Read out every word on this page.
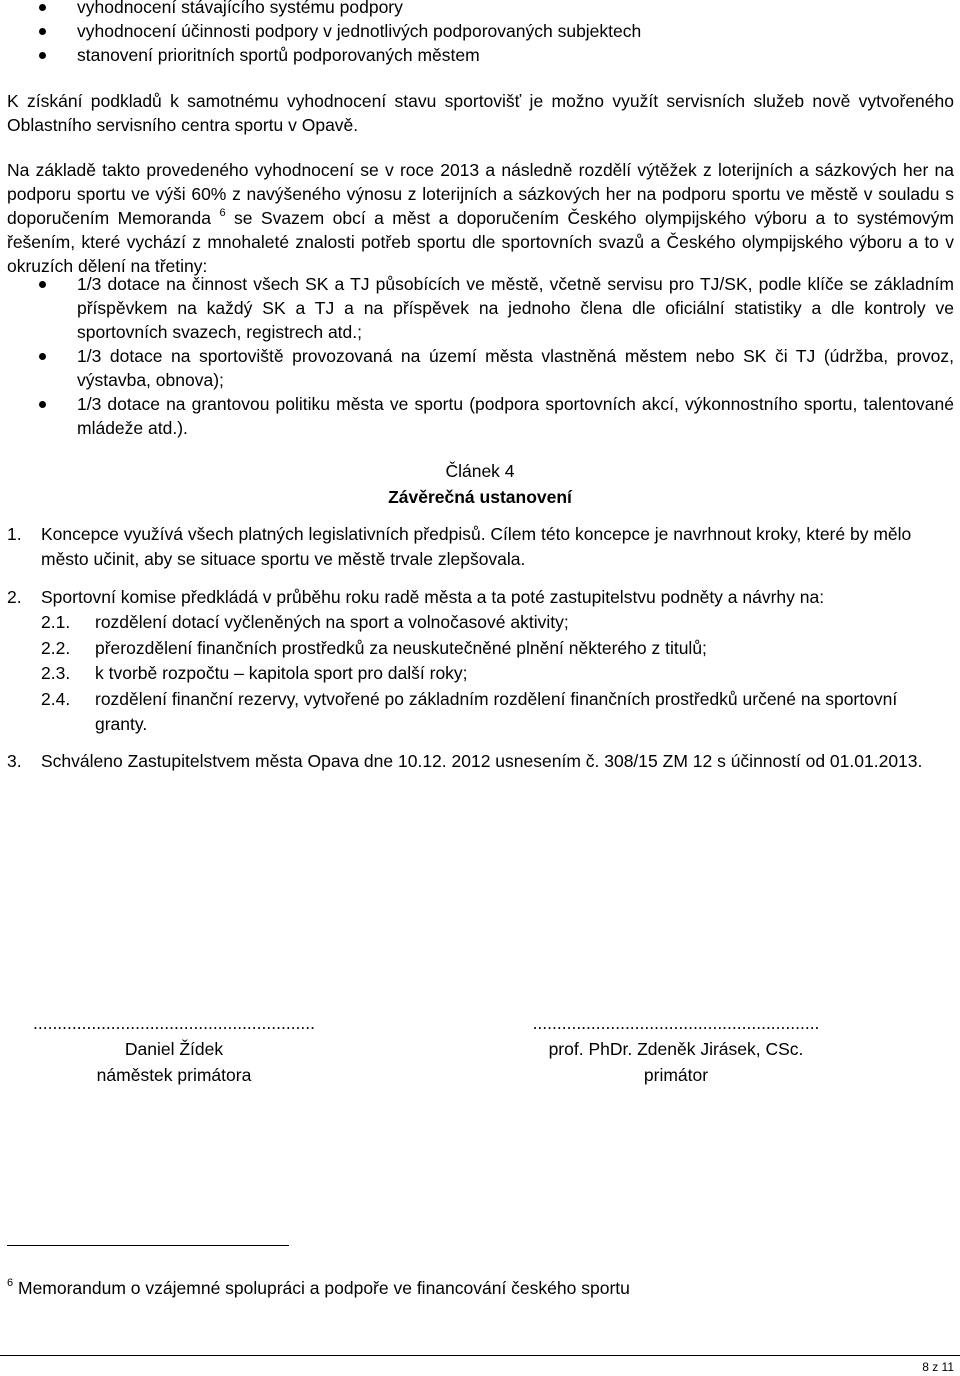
vyhodnocení stávajícího systému podpory
vyhodnocení účinnosti podpory v jednotlivých podporovaných subjektech
stanovení prioritních sportů podporovaných městem

K získání podkladů k samotnému vyhodnocení stavu sportovišť je možno využít servisních služeb nově vytvořeného Oblastního servisního centra sportu v Opavě.

Na základě takto provedeného vyhodnocení se v roce 2013 a následně rozdělí výtěžek z loterijních a sázkových her na podporu sportu ve výši 60% z navýšeného výnosu z loterijních a sázkových her na podporu sportu ve městě v souladu s doporučením Memoranda $^6$ se Svazem obcí a měst a doporučením Českého olympijského výboru a to systémovým řešením, které vychází z mnohaleté znalosti potřeb sportu dle sportovních svazů a Českého olympijského výboru a to v okruzích dělení na třetiny:

1/3 dotace na činnost všech SK a TJ působících ve městě, včetně servisu pro TJ/SK, podle klíče se základním příspěvkem na každý SK a TJ a na příspěvek na jednoho člena dle oficiální statistiky a dle kontroly ve sportovních svazech, registrech atd.;
1/3 dotace na sportoviště provozovaná na území města vlastněná městem nebo SK či TJ (údržba, provoz, výstavba, obnova);
1/3 dotace na grantovou politiku města ve sportu (podpora sportovních akcí, výkonnostního sportu, talentované mládeže atd.).
Článek 4
Závěrečná ustanovení
1. Koncepce využívá všech platných legislativních předpisů. Cílem této koncepce je navrhnout kroky, které by mělo město učinit, aby se situace sportu ve městě trvale zlepšovala.
2. Sportovní komise předkládá v průběhu roku radě města a ta poté zastupitelstvu podněty a návrhy na:
2.1. rozdělení dotací vyčleněných na sport a volnočasové aktivity;
2.2. přerozdělení finančních prostředků za neuskutečněné plnění některého z titulů;
2.3. k tvorbě rozpočtu – kapitola sport pro další roky;
2.4. rozdělení finanční rezervy, vytvořené po základním rozdělení finančních prostředků určené na sportovní granty.
3. Schváleno Zastupitelstvem města Opava dne 10.12. 2012 usnesením č. 308/15 ZM 12 s účinností od 01.01.2013.
..........................................................
Daniel Žídek
náměstek primátora
...........................................................
prof. PhDr. Zdeněk Jirásek, CSc.
primátor
$^6$ Memorandum o vzájemné spolupráci a podpoře ve financování českého sportu
8 z 11
